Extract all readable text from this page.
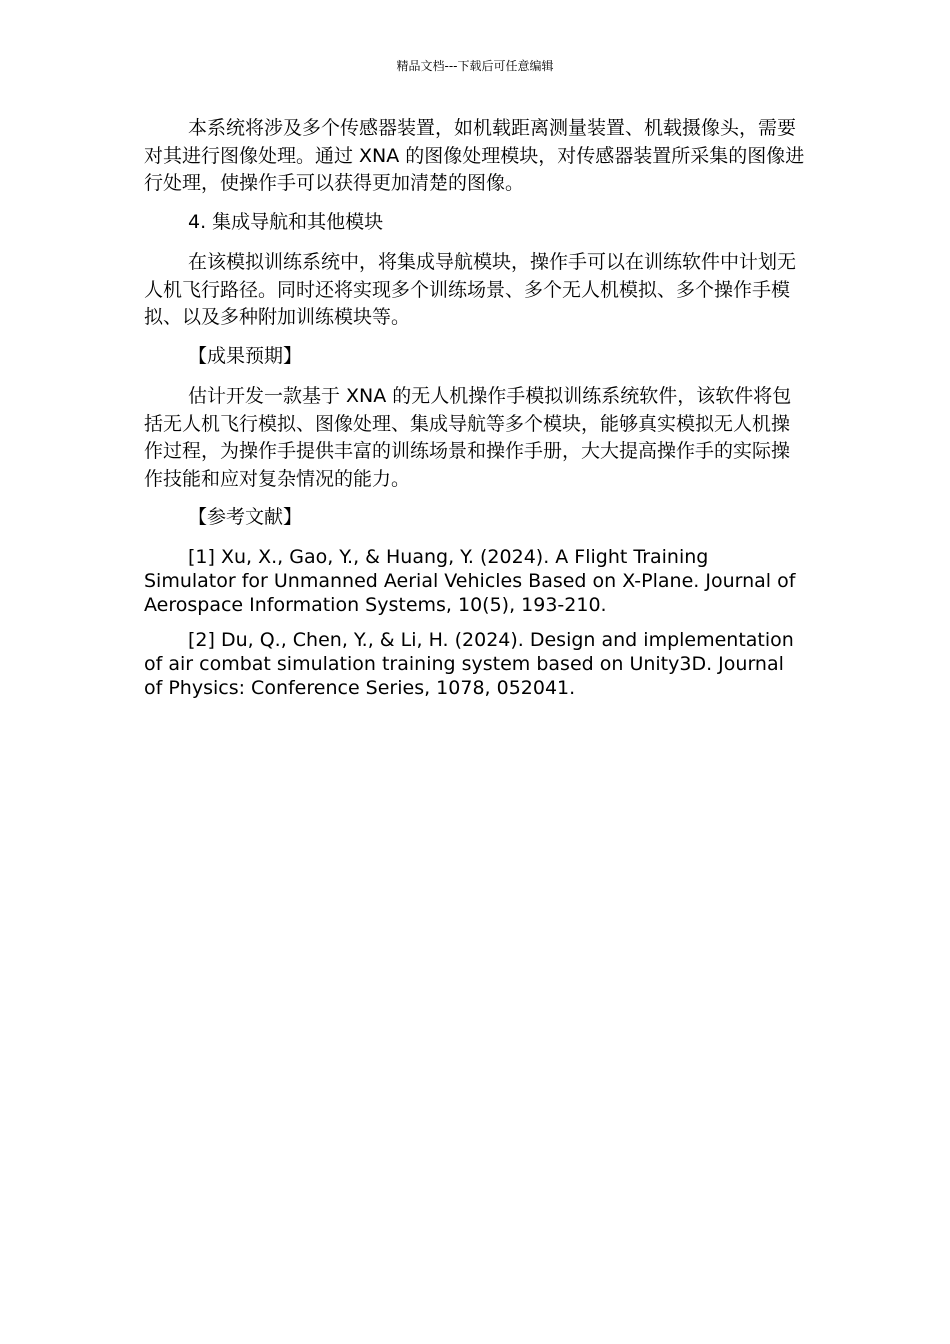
精品文档---下载后可任意编辑

本系统将涉及多个传感器装置，如机载距离测量装置、机载摄像头，需要对其进行图像处理。通过 XNA 的图像处理模块，对传感器装置所采集的图像进行处理，使操作手可以获得更加清楚的图像。

4. 集成导航和其他模块

在该模拟训练系统中，将集成导航模块，操作手可以在训练软件中计划无人机飞行路径。同时还将实现多个训练场景、多个无人机模拟、多个操作手模拟、以及多种附加训练模块等。

【成果预期】

估计开发一款基于 XNA 的无人机操作手模拟训练系统软件，该软件将包括无人机飞行模拟、图像处理、集成导航等多个模块，能够真实模拟无人机操作过程，为操作手提供丰富的训练场景和操作手册，大大提高操作手的实际操作技能和应对复杂情况的能力。

【参考文献】

[1] Xu, X., Gao, Y., & Huang, Y. (2024). A Flight Training Simulator for Unmanned Aerial Vehicles Based on X-Plane. Journal of Aerospace Information Systems, 10(5), 193-210.

[2] Du, Q., Chen, Y., & Li, H. (2024). Design and implementation of air combat simulation training system based on Unity3D. Journal of Physics: Conference Series, 1078, 052041.
